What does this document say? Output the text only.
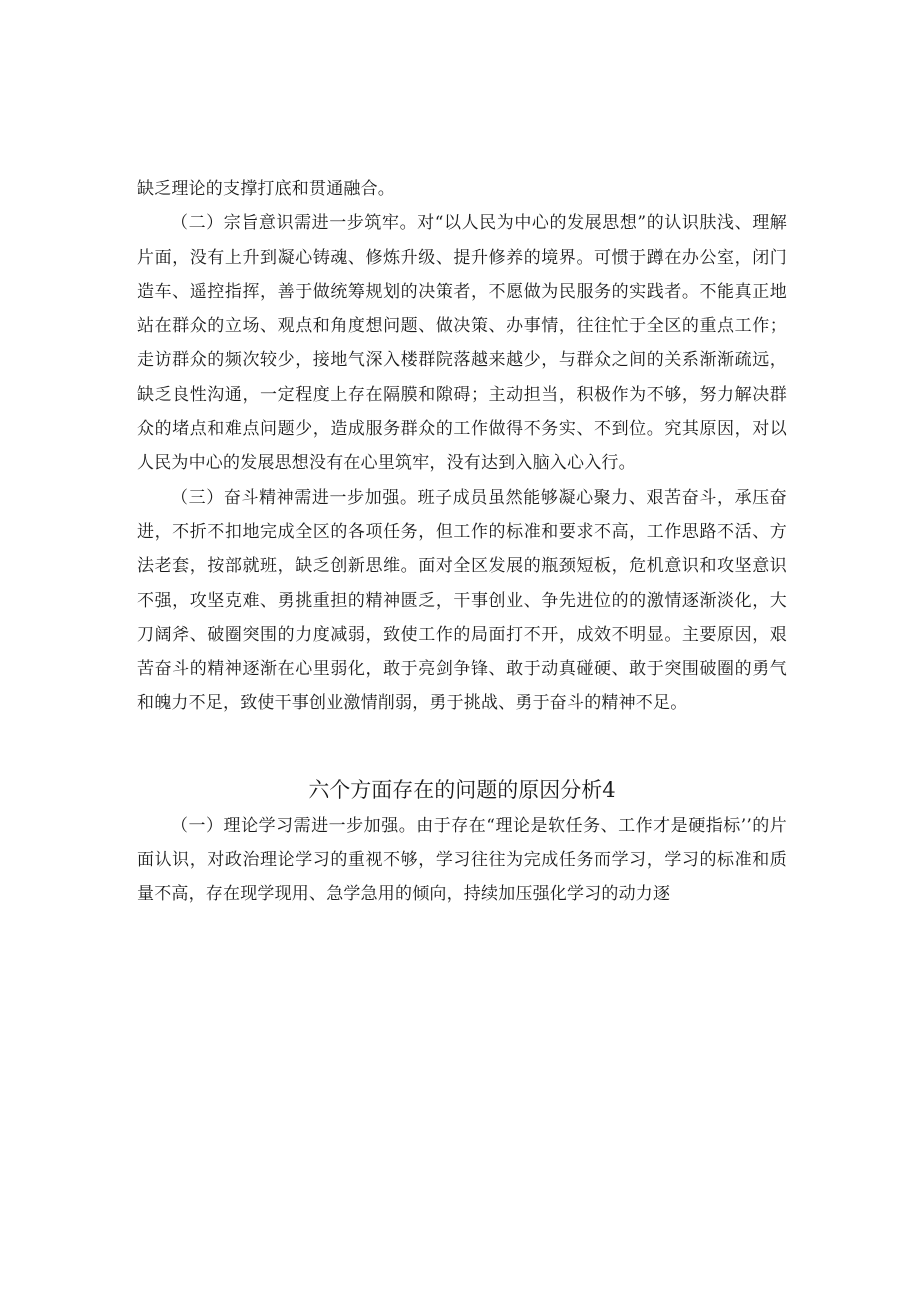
缺乏理论的支撑打底和贯通融合。

（二）宗旨意识需进一步筑牢。对“以人民为中心的发展思想”的认识肤浅、理解片面，没有上升到凝心铸魂、修炼升级、提升修养的境界。可惯于蹲在办公室，闭门造车、遥控指挥，善于做统筹规划的决策者，不愿做为民服务的实践者。不能真正地站在群众的立场、观点和角度想问题、做决策、办事情，往往忙于全区的重点工作；走访群众的频次较少，接地气深入楼群院落越来越少，与群众之间的关系渐渐疏远，缺乏良性沟通，一定程度上存在隔膜和隙碍；主动担当，积极作为不够，努力解决群众的堵点和难点问题少，造成服务群众的工作做得不务实、不到位。究其原因，对以人民为中心的发展思想没有在心里筑牢，没有达到入脑入心入行。

（三）奋斗精神需进一步加强。班子成员虽然能够凝心聚力、艰苦奋斗，承压奋进，不折不扣地完成全区的各项任务，但工作的标准和要求不高，工作思路不活、方法老套，按部就班，缺乏创新思维。面对全区发展的瓶颈短板，危机意识和攻坚意识不强，攻坚克难、勇挑重担的精神匮乏，干事创业、争先进位的的激情逐渐淡化，大刀阔斧、破圈突围的力度减弱，致使工作的局面打不开，成效不明显。主要原因，艰苦奋斗的精神逐渐在心里弱化，敢于亮剑争锋、敢于动真碰硬、敢于突围破圈的勇气和魄力不足，致使干事创业激情削弱，勇于挑战、勇于奋斗的精神不足。

六个方面存在的问题的原因分析4

（一）理论学习需进一步加强。由于存在“理论是软任务、工作才是硬指标’’的片面认识，对政治理论学习的重视不够，学习往往为完成任务而学习，学习的标准和质量不高，存在现学现用、急学急用的倾向，持续加压强化学习的动力逐
